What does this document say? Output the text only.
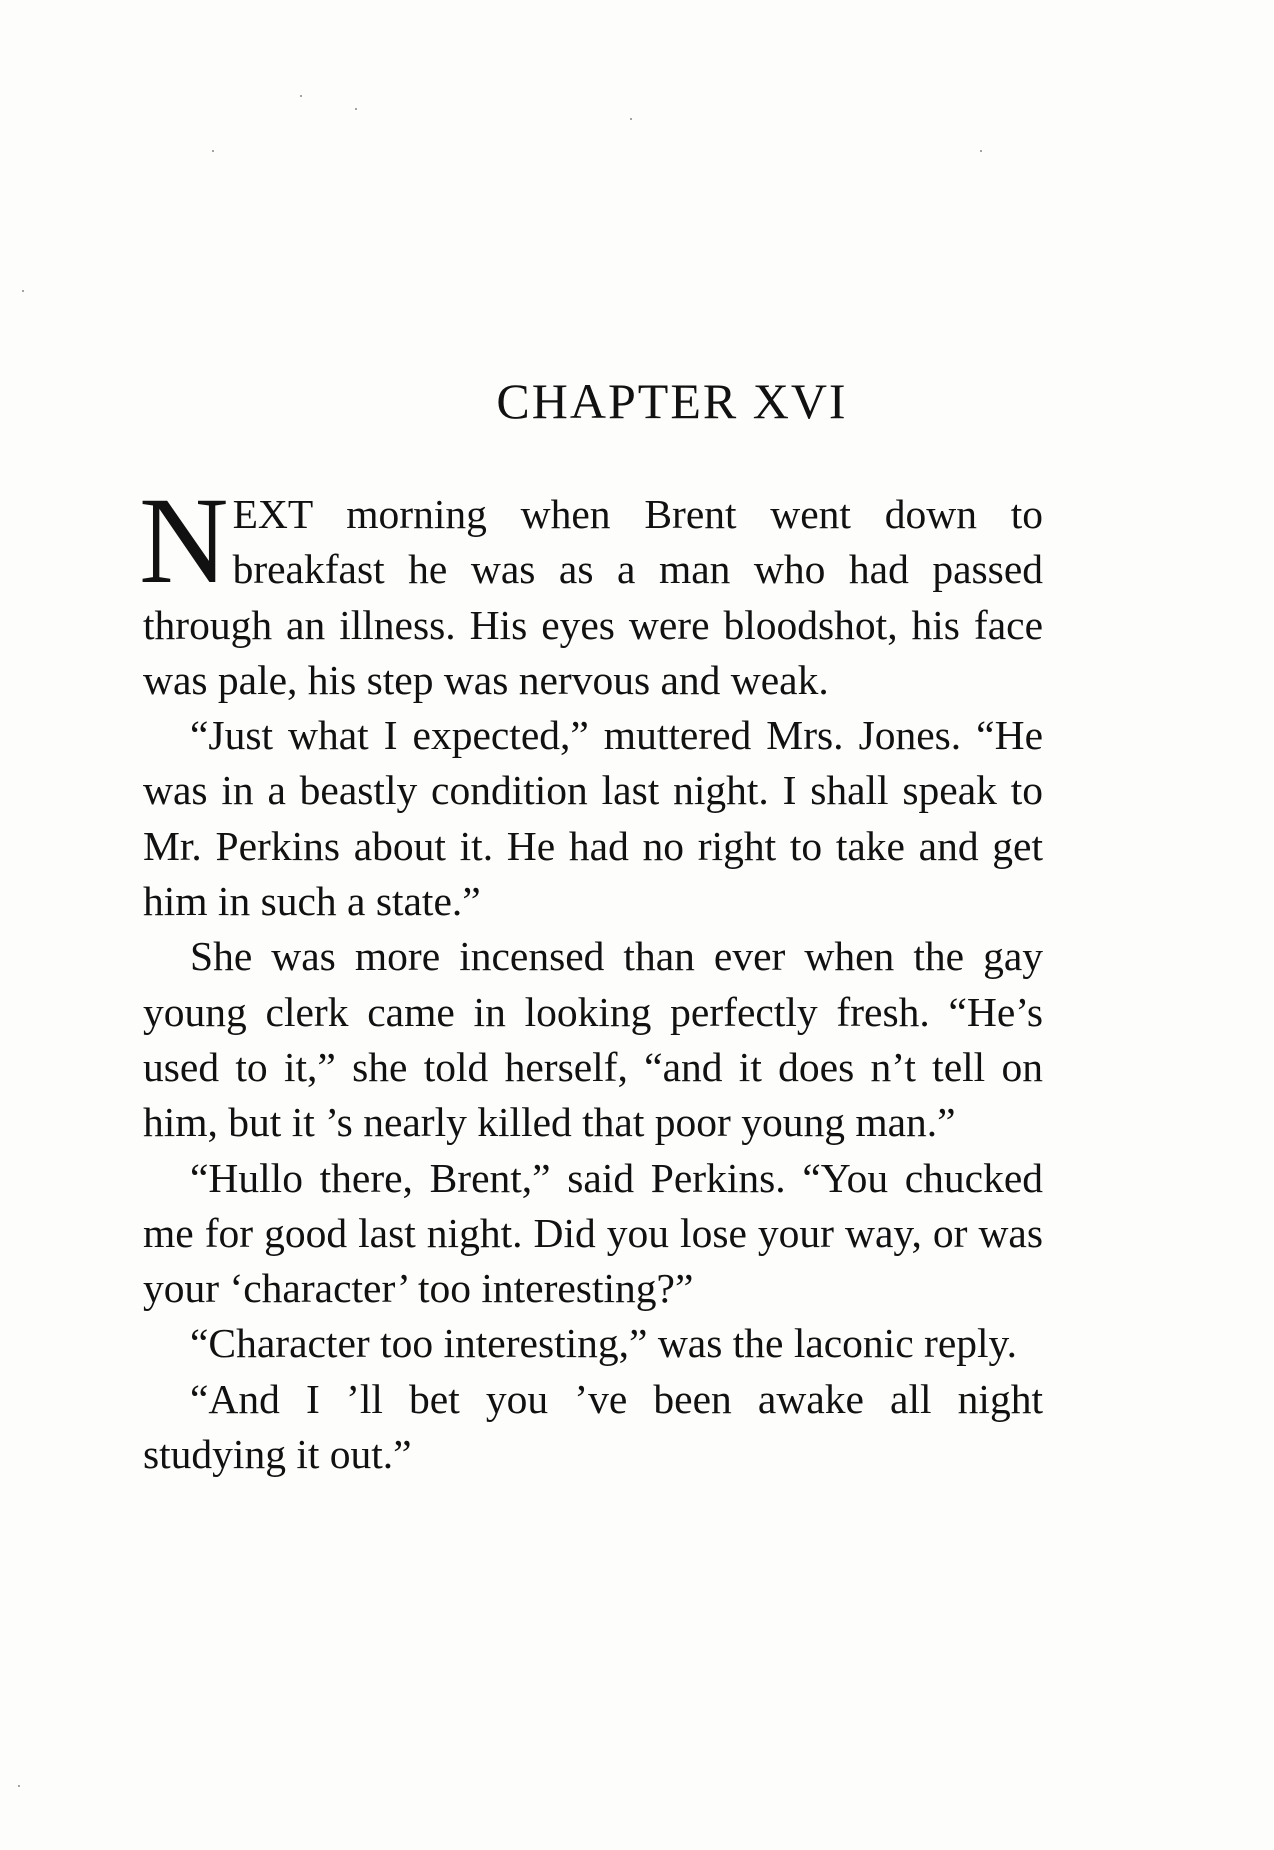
CHAPTER XVI

NEXT morning when Brent went down to breakfast he was as a man who had passed through an illness. His eyes were bloodshot, his face was pale, his step was nervous and weak.

“Just what I expected,” muttered Mrs. Jones. “He was in a beastly condition last night. I shall speak to Mr. Perkins about it. He had no right to take and get him in such a state.”

She was more incensed than ever when the gay young clerk came in looking perfectly fresh. “He’s used to it,” she told herself, “and it does n’t tell on him, but it ’s nearly killed that poor young man.”

“Hullo there, Brent,” said Perkins. “You chucked me for good last night. Did you lose your way, or was your ‘character’ too interesting?”

“Character too interesting,” was the laconic reply.

“And I ’ll bet you ’ve been awake all night studying it out.”
